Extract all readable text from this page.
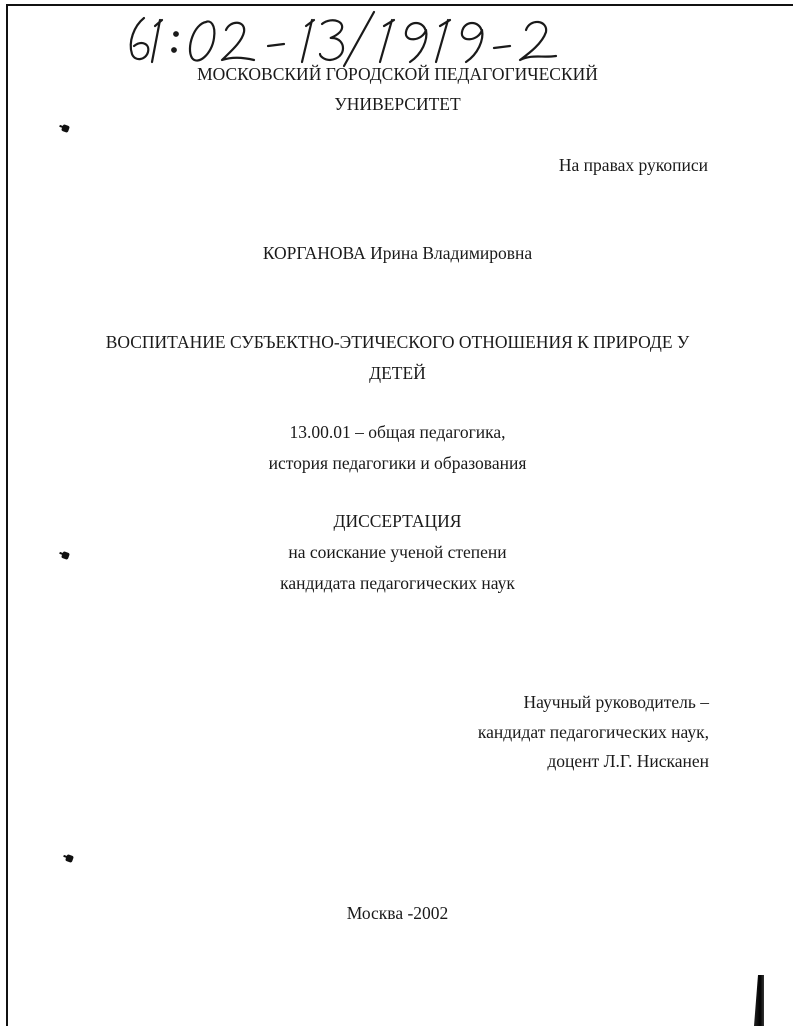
МОСКОВСКИЙ ГОРОДСКОЙ ПЕДАГОГИЧЕСКИЙ
УНИВЕРСИТЕТ
На правах рукописи
КОРГАНОВА Ирина Владимировна
ВОСПИТАНИЕ СУБЪЕКТНО-ЭТИЧЕСКОГО ОТНОШЕНИЯ К ПРИРОДЕ У
ДЕТЕЙ
13.00.01 – общая педагогика,
история педагогики и образования
ДИССЕРТАЦИЯ
на соискание ученой степени
кандидата педагогических наук
Научный руководитель –
кандидат педагогических наук,
доцент Л.Г. Нисканен
Москва -2002
